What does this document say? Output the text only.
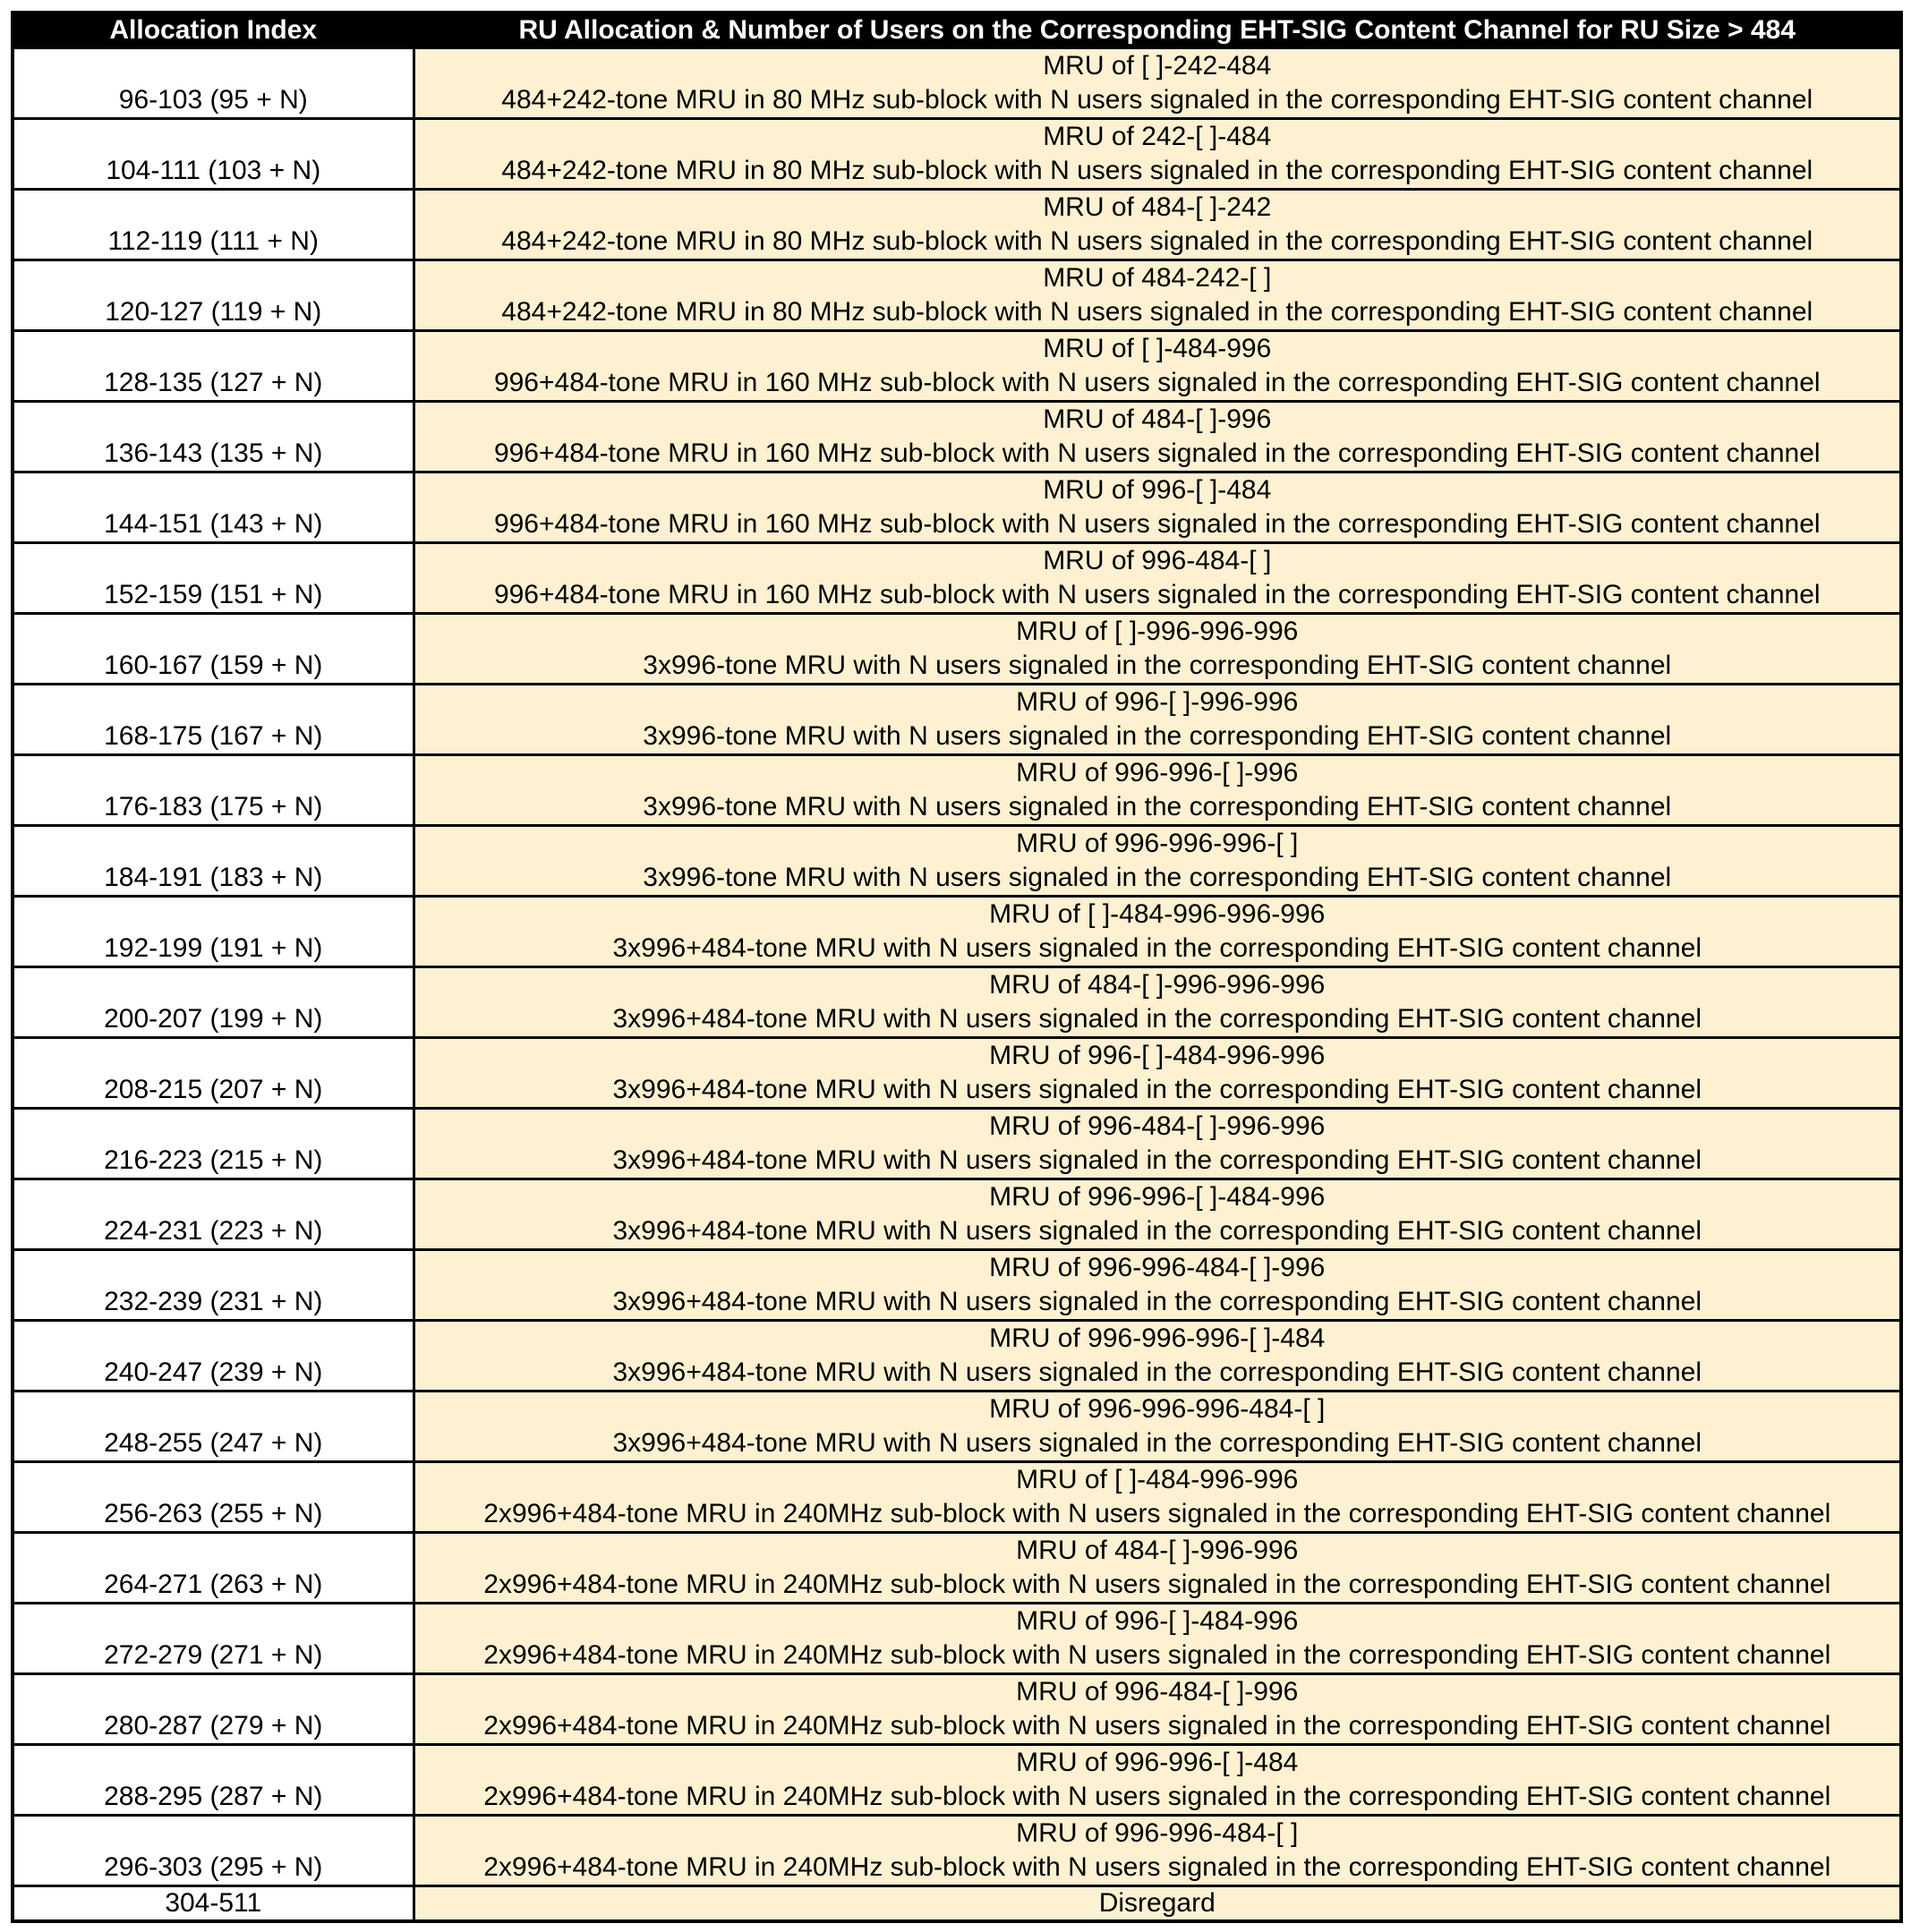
Allocation Index	RU Allocation & Number of Users on the Corresponding EHT-SIG Content Channel for RU Size > 484
96-103 (95 + N)	MRU of [ ]-242-484
484+242-tone MRU in 80 MHz sub-block with N users signaled in the corresponding EHT-SIG content channel

104-111 (103 + N)	MRU of 242-[ ]-484
484+242-tone MRU in 80 MHz sub-block with N users signaled in the corresponding EHT-SIG content channel

112-119 (111 + N)	MRU of 484-[ ]-242
484+242-tone MRU in 80 MHz sub-block with N users signaled in the corresponding EHT-SIG content channel

120-127 (119 + N)	MRU of 484-242-[ ]
484+242-tone MRU in 80 MHz sub-block with N users signaled in the corresponding EHT-SIG content channel

128-135 (127 + N)	MRU of [ ]-484-996
996+484-tone MRU in 160 MHz sub-block with N users signaled in the corresponding EHT-SIG content channel

136-143 (135 + N)	MRU of 484-[ ]-996
996+484-tone MRU in 160 MHz sub-block with N users signaled in the corresponding EHT-SIG content channel

144-151 (143 + N)	MRU of 996-[ ]-484
996+484-tone MRU in 160 MHz sub-block with N users signaled in the corresponding EHT-SIG content channel

152-159 (151 + N)	MRU of 996-484-[ ]
996+484-tone MRU in 160 MHz sub-block with N users signaled in the corresponding EHT-SIG content channel

160-167 (159 + N)	MRU of [ ]-996-996-996
3x996-tone MRU with N users signaled in the corresponding EHT-SIG content channel

168-175 (167 + N)	MRU of 996-[ ]-996-996
3x996-tone MRU with N users signaled in the corresponding EHT-SIG content channel

176-183 (175 + N)	MRU of 996-996-[ ]-996
3x996-tone MRU with N users signaled in the corresponding EHT-SIG content channel

184-191 (183 + N)	MRU of 996-996-996-[ ]
3x996-tone MRU with N users signaled in the corresponding EHT-SIG content channel

192-199 (191 + N)	MRU of [ ]-484-996-996-996
3x996+484-tone MRU with N users signaled in the corresponding EHT-SIG content channel

200-207 (199 + N)	MRU of 484-[ ]-996-996-996
3x996+484-tone MRU with N users signaled in the corresponding EHT-SIG content channel

208-215 (207 + N)	MRU of 996-[ ]-484-996-996
3x996+484-tone MRU with N users signaled in the corresponding EHT-SIG content channel

216-223 (215 + N)	MRU of 996-484-[ ]-996-996
3x996+484-tone MRU with N users signaled in the corresponding EHT-SIG content channel

224-231 (223 + N)	MRU of 996-996-[ ]-484-996
3x996+484-tone MRU with N users signaled in the corresponding EHT-SIG content channel

232-239 (231 + N)	MRU of 996-996-484-[ ]-996
3x996+484-tone MRU with N users signaled in the corresponding EHT-SIG content channel

240-247 (239 + N)	MRU of 996-996-996-[ ]-484
3x996+484-tone MRU with N users signaled in the corresponding EHT-SIG content channel

248-255 (247 + N)	MRU of 996-996-996-484-[ ]
3x996+484-tone MRU with N users signaled in the corresponding EHT-SIG content channel

256-263 (255 + N)	MRU of [ ]-484-996-996
2x996+484-tone MRU in 240MHz sub-block with N users signaled in the corresponding EHT-SIG content channel

264-271 (263 + N)	MRU of 484-[ ]-996-996
2x996+484-tone MRU in 240MHz sub-block with N users signaled in the corresponding EHT-SIG content channel

272-279 (271 + N)	MRU of 996-[ ]-484-996
2x996+484-tone MRU in 240MHz sub-block with N users signaled in the corresponding EHT-SIG content channel

280-287 (279 + N)	MRU of 996-484-[ ]-996
2x996+484-tone MRU in 240MHz sub-block with N users signaled in the corresponding EHT-SIG content channel

288-295 (287 + N)	MRU of 996-996-[ ]-484
2x996+484-tone MRU in 240MHz sub-block with N users signaled in the corresponding EHT-SIG content channel

296-303 (295 + N)	MRU of 996-996-484-[ ]
2x996+484-tone MRU in 240MHz sub-block with N users signaled in the corresponding EHT-SIG content channel

304-511	Disregard
